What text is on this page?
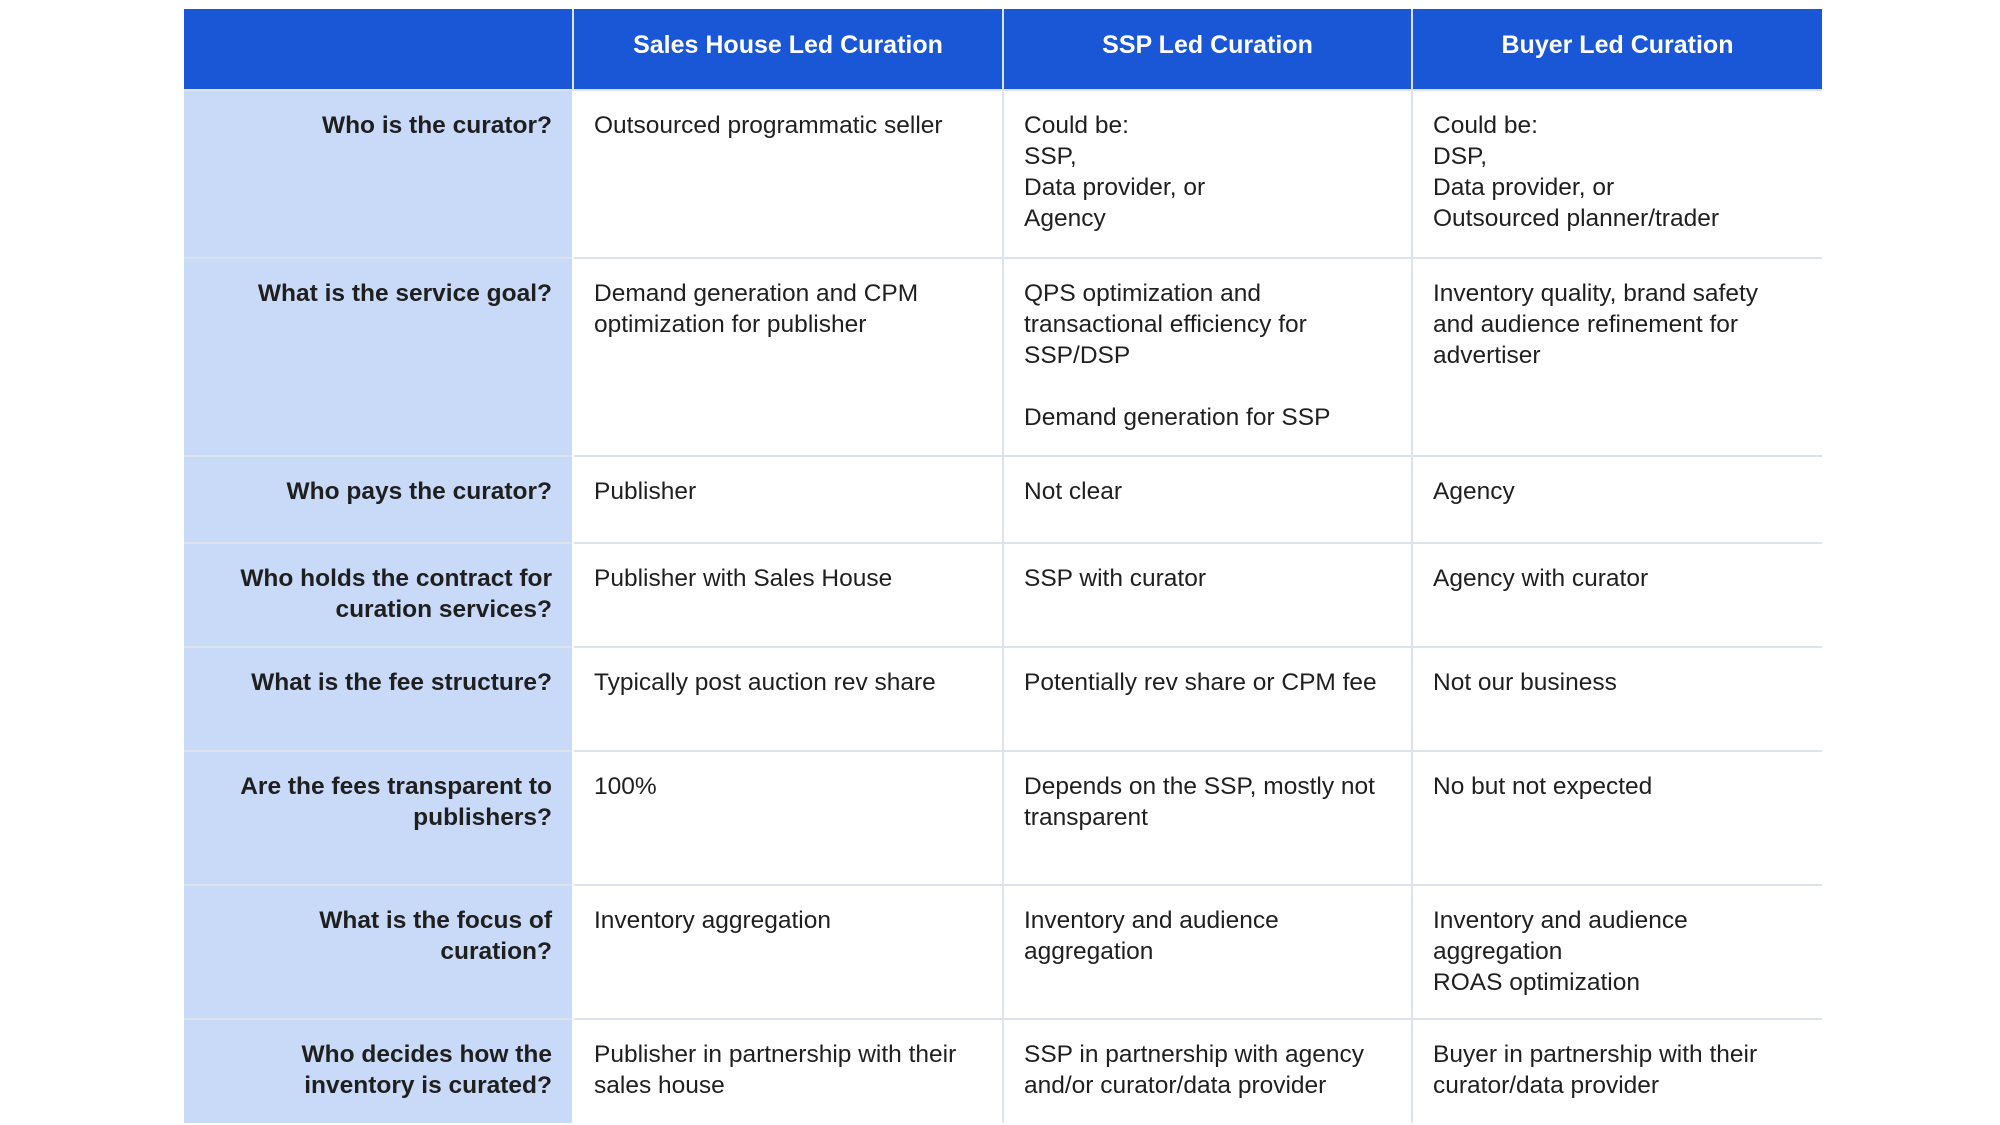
	Sales House Led Curation	SSP Led Curation	Buyer Led Curation
Who is the curator?	Outsourced programmatic seller	Could be:
SSP,
Data provider, or
Agency	Could be:
DSP,
Data provider, or
Outsourced planner/trader
What is the service goal?	Demand generation and CPM optimization for publisher	QPS optimization and transactional efficiency for SSP/DSP

Demand generation for SSP	Inventory quality, brand safety and audience refinement for advertiser
Who pays the curator?	Publisher	Not clear	Agency
Who holds the contract for curation services?	Publisher with Sales House	SSP with curator	Agency with curator
What is the fee structure?	Typically post auction rev share	Potentially rev share or CPM fee	Not our business
Are the fees transparent to publishers?	100%	Depends on the SSP, mostly not transparent	No but not expected
What is the focus of curation?	Inventory aggregation	Inventory and audience aggregation	Inventory and audience aggregation
ROAS optimization
Who decides how the inventory is curated?	Publisher in partnership with their sales house	SSP in partnership with agency and/or curator/data provider	Buyer in partnership with their curator/data provider
